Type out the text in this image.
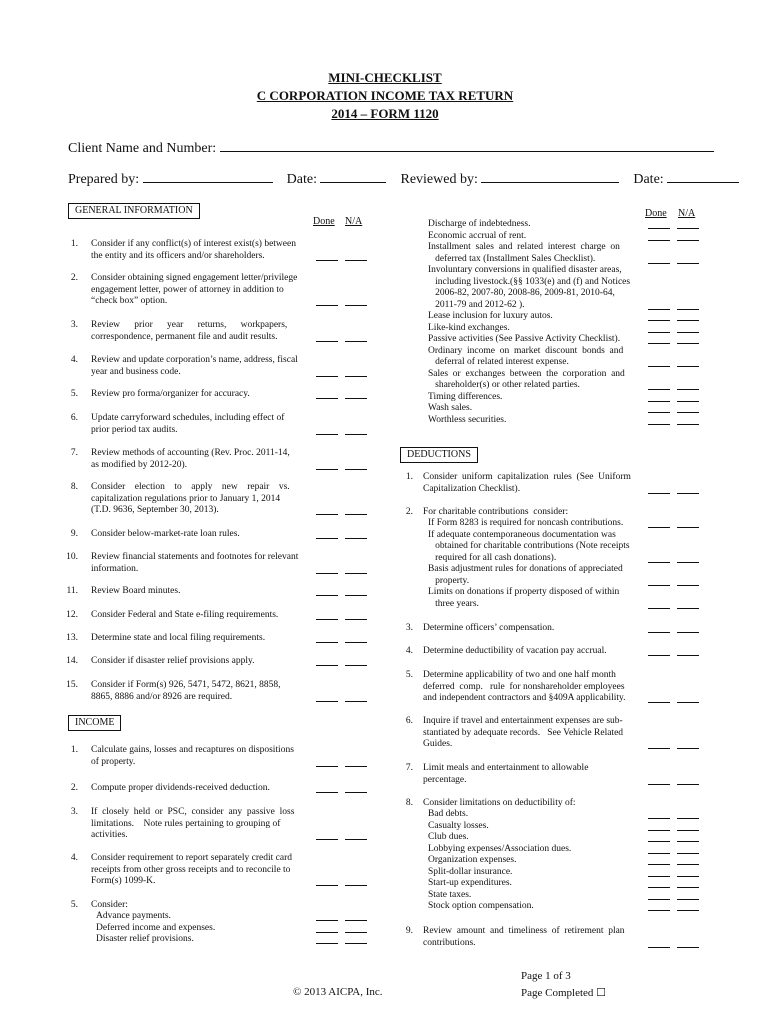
MINI-CHECKLIST
C CORPORATION INCOME TAX RETURN
2014 – FORM 1120
Client Name and Number:
Prepared by:	Date:	Reviewed by:	Date:
GENERAL INFORMATION
Done N/A
1. Consider if any conflict(s) of interest exist(s) between
the entity and its officers and/or shareholders.
2. Consider obtaining signed engagement letter/privilege
engagement letter, power of attorney in addition to
“check box” option.
3. Review      prior      year      returns,      workpapers,
correspondence, permanent file and audit results.
4. Review and update corporation’s name, address, fiscal
year and business code.
5. Review pro forma/organizer for accuracy.
6. Update carryforward schedules, including effect of
prior period tax audits.
7. Review methods of accounting (Rev. Proc. 2011-14,
as modified by 2012-20).
8. Consider    election    to    apply    new    repair    vs.
capitalization regulations prior to January 1, 2014
(T.D. 9636, September 30, 2013).
9. Consider below-market-rate loan rules.
10. Review financial statements and footnotes for relevant
information.
11. Review Board minutes.
12. Consider Federal and State e-filing requirements.
13. Determine state and local filing requirements.
14. Consider if disaster relief provisions apply.
15. Consider if Form(s) 926, 5471, 5472, 8621, 8858,
8865, 8886 and/or 8926 are required.
INCOME
1. Calculate gains, losses and recaptures on dispositions
of property.
2. Compute proper dividends-received deduction.
3. If  closely  held  or  PSC,  consider  any  passive  loss
limitations.    Note rules pertaining to grouping of
activities.
4. Consider requirement to report separately credit card
receipts from other gross receipts and to reconcile to
Form(s) 1099-K.
5. Consider:
Advance payments.
Deferred income and expenses.
Disaster relief provisions.
Done N/A
DEDUCTIONS
Discharge of indebtedness.
Economic accrual of rent.
Installment  sales  and  related  interest  charge  on
deferred tax (Installment Sales Checklist).
Involuntary conversions in qualified disaster areas,
including livestock.(§§ 1033(e) and (f) and Notices
2006-82, 2007-80, 2008-86, 2009-81, 2010-64,
2011-79 and 2012-62 ).
Lease inclusion for luxury autos.
Like-kind exchanges.
Passive activities (See Passive Activity Checklist).
Ordinary  income  on  market  discount  bonds  and
deferral of related interest expense.
Sales  or  exchanges  between  the  corporation  and
shareholder(s) or other related parties.
Timing differences.
Wash sales.
Worthless securities.
1. Consider  uniform  capitalization  rules  (See  Uniform
Capitalization Checklist).
2. For charitable contributions  consider:
3. Determine officers’ compensation.
4. Determine deductibility of vacation pay accrual.
5. Determine applicability of two and one half month
deferred  comp.   rule  for nonshareholder employees
and independent contractors and §409A applicability.
6. Inquire if travel and entertainment expenses are sub-
stantiated by adequate records.   See Vehicle Related
Guides.
7. Limit meals and entertainment to allowable
percentage.
8. Consider limitations on deductibility of:
9. Review  amount  and  timeliness  of  retirement  plan
contributions.
If Form 8283 is required for noncash contributions.
If adequate contemporaneous documentation was
obtained for charitable contributions (Note receipts
required for all cash donations).
Basis adjustment rules for donations of appreciated
property.
Limits on donations if property disposed of within
three years.
Bad debts.
Casualty losses.
Club dues.
Lobbying expenses/Association dues.
Organization expenses.
Split-dollar insurance.
Start-up expenditures.
State taxes.
Stock option compensation.
Page 1 of 3
Page Completed ☐
© 2013 AICPA, Inc.
